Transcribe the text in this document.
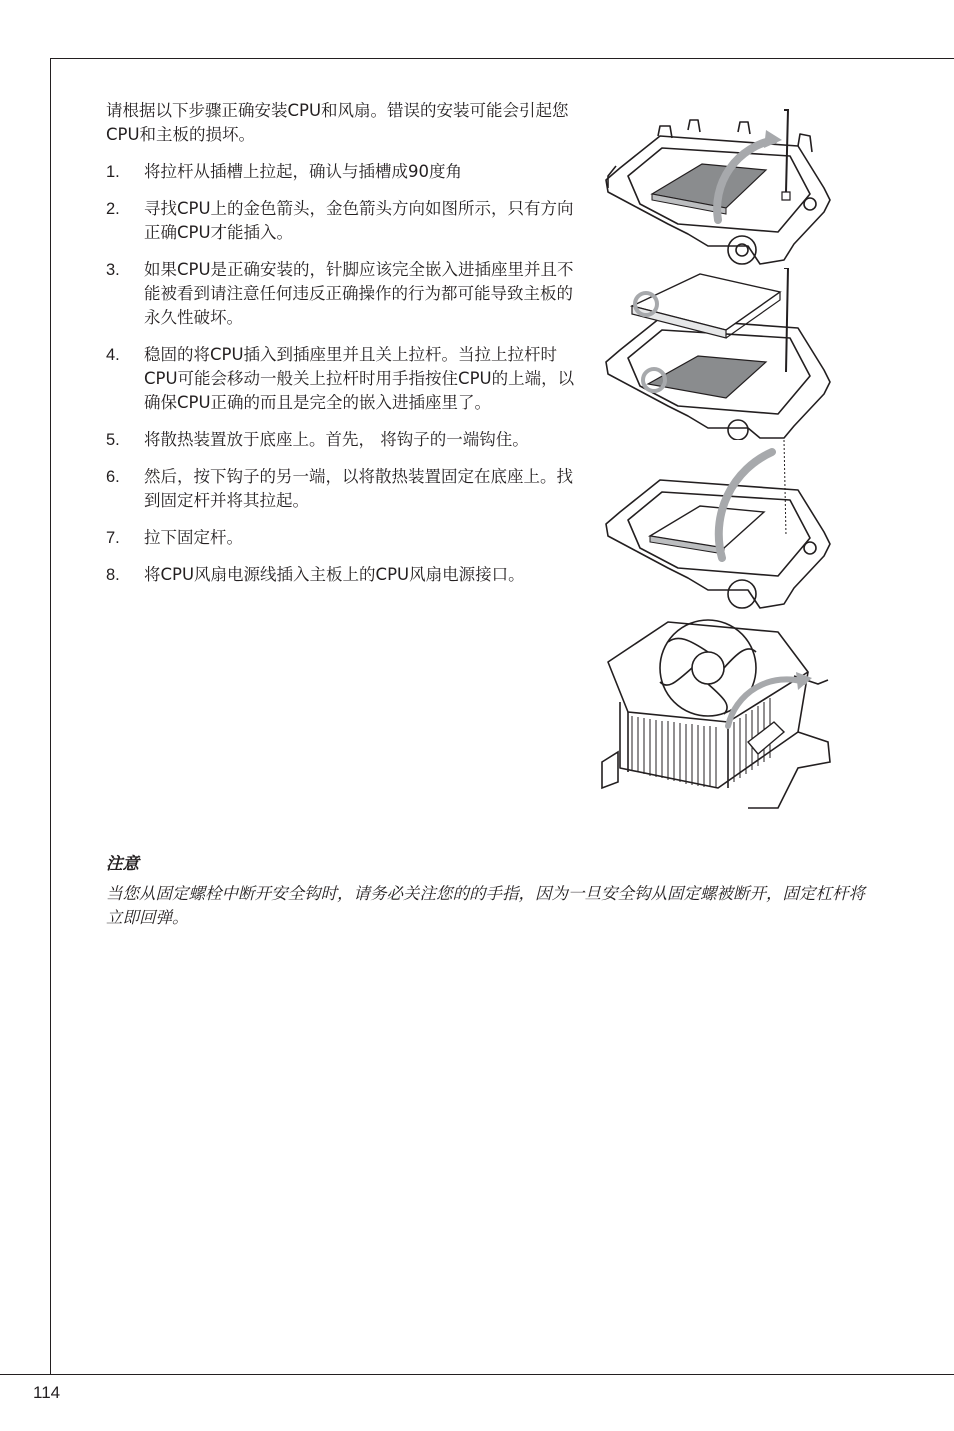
114

请根据以下步骤正确安装CPU和风扇。错误的安装可能会引起您CPU和主板的损坏。

1.	将拉杆从插槽上拉起，确认与插槽成90度角
2.	寻找CPU上的金色箭头，金色箭头方向如图所示，只有方向正确CPU才能插入。
3.	如果CPU是正确安装的，针脚应该完全嵌入进插座里并且不能被看到请注意任何违反正确操作的行为都可能导致主板的永久性破坏。
4.	稳固的将CPU插入到插座里并且关上拉杆。当拉上拉杆时CPU可能会移动一般关上拉杆时用手指按住CPU的上端，以确保CPU正确的而且是完全的嵌入进插座里了。
5.	将散热装置放于底座上。首先， 将钩子的一端钩住。
6.	然后，按下钩子的另一端，以将散热装置固定在底座上。找到固定杆并将其拉起。
7.	拉下固定杆。
8.	将CPU风扇电源线插入主板上的CPU风扇电源接口。

注意

当您从固定螺栓中断开安全钩时，请务必关注您的的手指，因为一旦安全钩从固定螺被断开，固定杠杆将立即回弹。
